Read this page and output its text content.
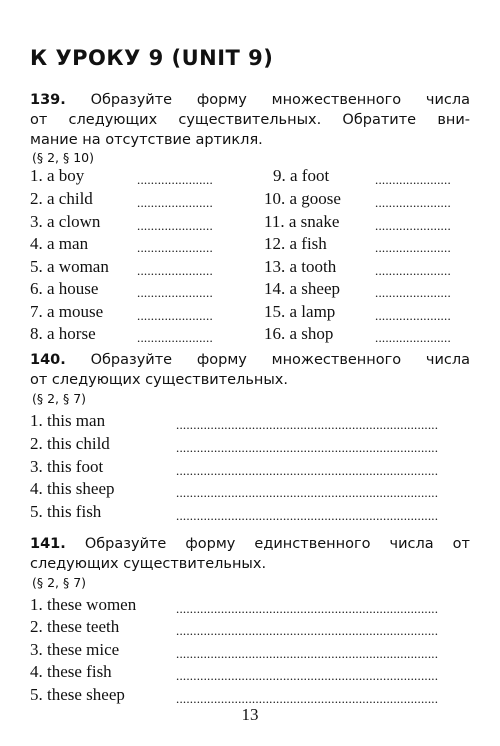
К УРОКУ 9 (UNIT 9)
139. Образуйте форму множественного числа
от следующих существительных. Обратите вни-
мание на отсутствие артикля.
(§ 2, § 10)
1. a boy
2. a child
3. a clown
4. a man
5. a woman
6. a house
7. a mouse
8. a horse
......................
......................
......................
......................
......................
......................
......................
......................
9. a foot
10. a goose
11. a snake
12. a fish
13. a tooth
14. a sheep
15. a lamp
16. a shop
......................
......................
......................
......................
......................
......................
......................
......................
140. Образуйте форму множественного числа
от следующих существительных.
(§ 2, § 7)
1. this man
2. this child
3. this foot
4. this sheep
5. this fish
............................................................................
............................................................................
............................................................................
............................................................................
............................................................................
141. Образуйте форму единственного числа от
следующих существительных.
(§ 2, § 7)
1. these women
2. these teeth
3. these mice
4. these fish
5. these sheep
............................................................................
............................................................................
............................................................................
............................................................................
............................................................................
13
